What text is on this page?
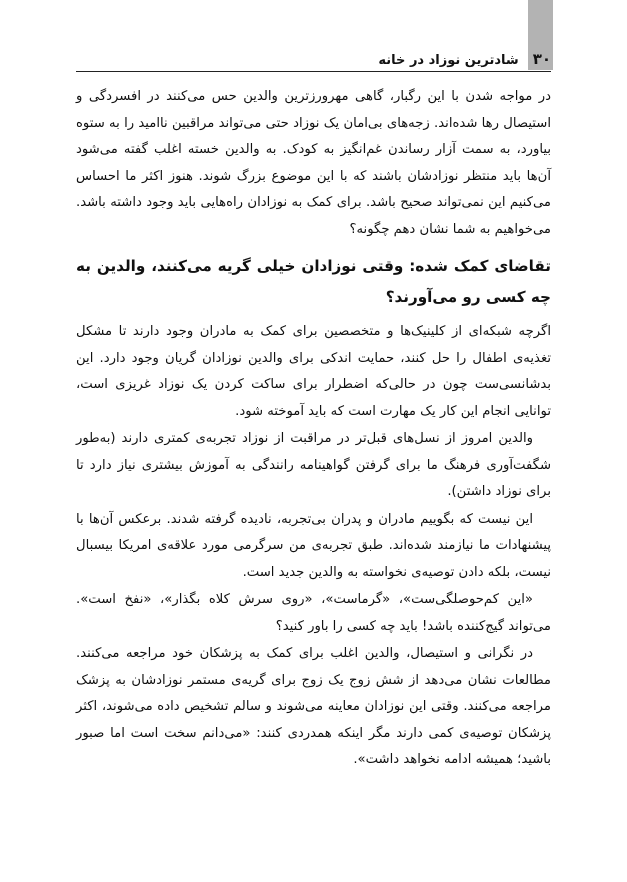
۳۰
شادترین نوزاد در خانه

در مواجه شدن با این رگبار، گاهی مهرورزترین والدین حس می‌کنند در افسردگی و استیصال رها شده‌اند. زجه‌های بی‌امان یک نوزاد حتی می‌تواند مراقبین ناامید را به ستوه بیاورد، به سمت آزار رساندن غم‌انگیز به کودک. به والدین خسته اغلب گفته می‌شود آن‌ها باید منتظر نوزادشان باشند که با این موضوع بزرگ شوند. هنوز اکثر ما احساس می‌کنیم این نمی‌تواند صحیح باشد. برای کمک به نوزادان راه‌هایی باید وجود داشته باشد. می‌خواهیم به شما نشان دهم چگونه؟

تقاضای کمک شده: وقتی نوزادان خیلی گریه می‌کنند، والدین به چه کسی رو می‌آورند؟

اگرچه شبکه‌ای از کلینیک‌ها و متخصصین برای کمک به مادران وجود دارند تا مشکل تغذیه‌ی اطفال را حل کنند، حمایت اندکی برای والدین نوزادان گریان وجود دارد. این بدشانسی‌ست چون در حالی‌که اضطرار برای ساکت کردن یک نوزاد غریزی است، توانایی انجام این کار یک مهارت است که باید آموخته شود.

والدین امروز از نسل‌های قبل‌تر در مراقبت از نوزاد تجربه‌ی کمتری دارند (به‌طور شگفت‌آوری فرهنگ ما برای گرفتن گواهینامه رانندگی به آموزش بیشتری نیاز دارد تا برای نوزاد داشتن).

این نیست که بگوییم مادران و پدران بی‌تجربه، نادیده گرفته شدند. برعکس آن‌ها با پیشنهادات ما نیازمند شده‌اند. طبق تجربه‌ی من سرگرمی مورد علاقه‌ی امریکا بیسبال نیست، بلکه دادن توصیه‌ی نخواسته به والدین جدید است.

«این کم‌حوصلگی‌ست»، «گرماست»، «روی سرش کلاه بگذار»، «نفخ است». می‌تواند گیج‌کننده باشد! باید چه کسی را باور کنید؟

در نگرانی و استیصال، والدین اغلب برای کمک به پزشکان خود مراجعه می‌کنند. مطالعات نشان می‌دهد از شش زوج یک زوج برای گریه‌ی مستمر نوزادشان به پزشک مراجعه می‌کنند. وقتی این نوزادان معاینه می‌شوند و سالم تشخیص داده می‌شوند، اکثر پزشکان توصیه‌ی کمی دارند مگر اینکه همدردی کنند: «می‌دانم سخت است اما صبور باشید؛ همیشه ادامه نخواهد داشت».
